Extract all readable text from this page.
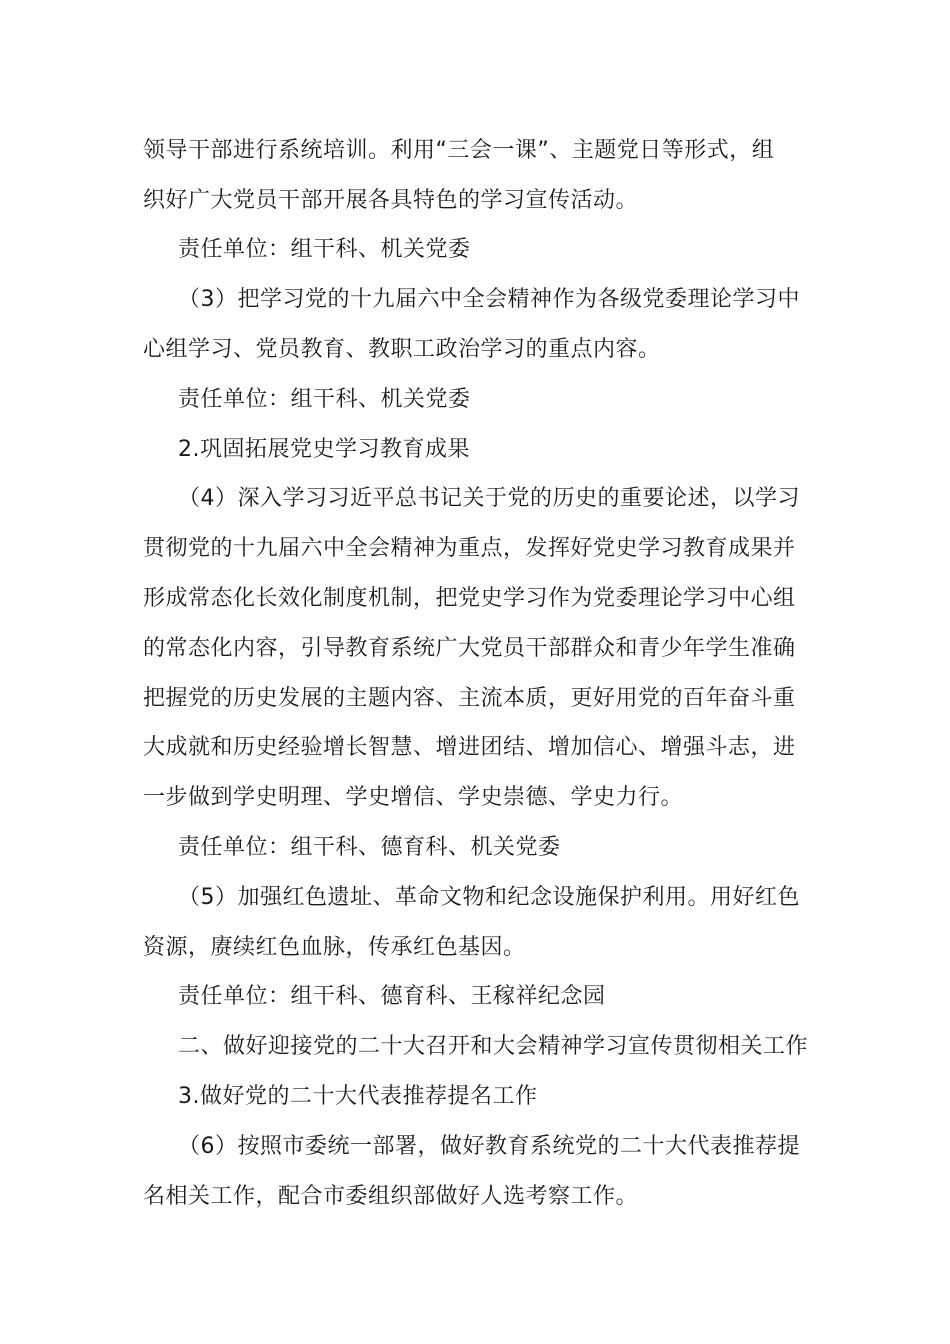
领导干部进行系统培训。利用“三会一课”、主题党日等形式，组
织好广大党员干部开展各具特色的学习宣传活动。
责任单位：组干科、机关党委
（3）把学习党的十九届六中全会精神作为各级党委理论学习中
心组学习、党员教育、教职工政治学习的重点内容。
责任单位：组干科、机关党委
2.巩固拓展党史学习教育成果
（4）深入学习习近平总书记关于党的历史的重要论述，以学习
贯彻党的十九届六中全会精神为重点，发挥好党史学习教育成果并
形成常态化长效化制度机制，把党史学习作为党委理论学习中心组
的常态化内容，引导教育系统广大党员干部群众和青少年学生准确
把握党的历史发展的主题内容、主流本质，更好用党的百年奋斗重
大成就和历史经验增长智慧、增进团结、增加信心、增强斗志，进
一步做到学史明理、学史增信、学史崇德、学史力行。
责任单位：组干科、德育科、机关党委
（5）加强红色遗址、革命文物和纪念设施保护利用。用好红色
资源，赓续红色血脉，传承红色基因。
责任单位：组干科、德育科、王稼祥纪念园
二、做好迎接党的二十大召开和大会精神学习宣传贯彻相关工作
3.做好党的二十大代表推荐提名工作
（6）按照市委统一部署，做好教育系统党的二十大代表推荐提
名相关工作，配合市委组织部做好人选考察工作。
